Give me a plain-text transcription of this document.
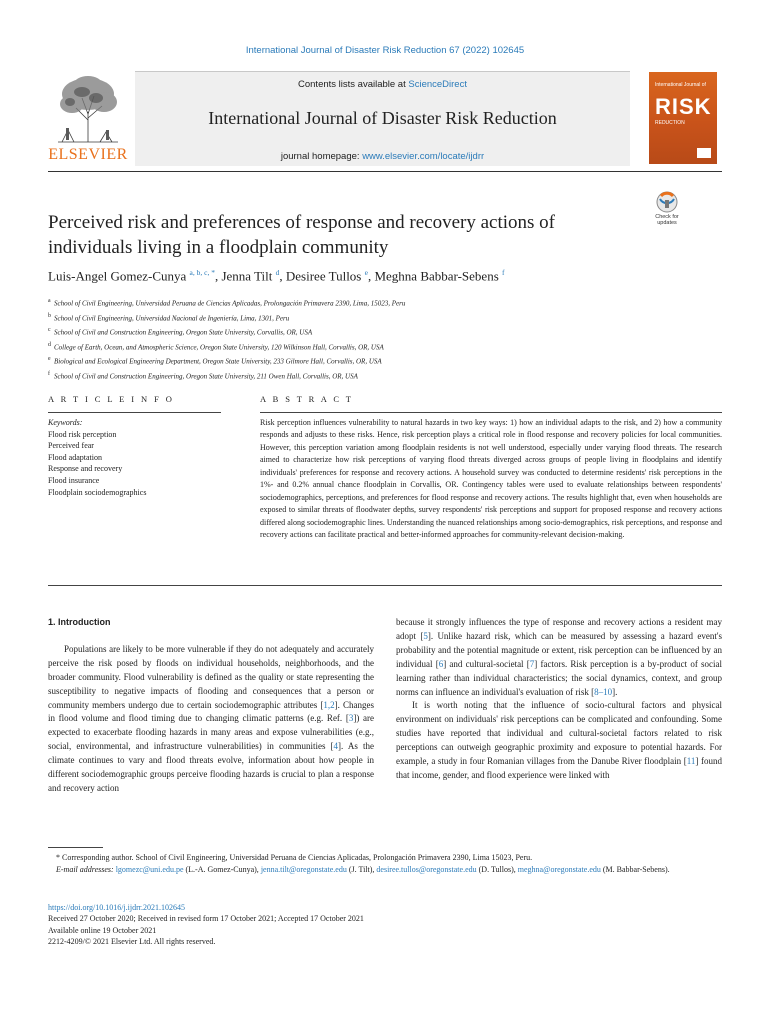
International Journal of Disaster Risk Reduction 67 (2022) 102645
Contents lists available at ScienceDirect
International Journal of Disaster Risk Reduction
journal homepage: www.elsevier.com/locate/ijdrr
ELSEVIER
International Journal of
RISK
REDUCTION
Check for
updates
Perceived risk and preferences of response and recovery actions of individuals living in a floodplain community
Luis-Angel Gomez-Cunya $^{a, b, c, *}$, Jenna Tilt $^d$, Desiree Tullos $^e$, Meghna Babbar-Sebens $^f$
$^a$ School of Civil Engineering, Universidad Peruana de Ciencias Aplicadas, Prolongación Primavera 2390, Lima, 15023, Peru
$^b$ School of Civil Engineering, Universidad Nacional de Ingeniería, Lima, 1301, Peru
$^c$ School of Civil and Construction Engineering, Oregon State University, Corvallis, OR, USA
$^d$ College of Earth, Ocean, and Atmospheric Science, Oregon State University, 120 Wilkinson Hall, Corvallis, OR, USA
$^e$ Biological and Ecological Engineering Department, Oregon State University, 233 Gilmore Hall, Corvallis, OR, USA
$^f$ School of Civil and Construction Engineering, Oregon State University, 211 Owen Hall, Corvallis, OR, USA
A R T I C L E I N F O	A B S T R A C T
Keywords:
Flood risk perception
Perceived fear
Flood adaptation
Response and recovery
Flood insurance
Floodplain sociodemographics
Risk perception influences vulnerability to natural hazards in two key ways: 1) how an individual adapts to the risk, and 2) how a community responds and adjusts to these risks. Hence, risk perception plays a critical role in flood response and recovery policies for local communities. However, this perception variation among floodplain residents is not well understood, especially under varying flood threats. The research aimed to characterize how risk perceptions of varying flood threats diverged across groups of people living in floodplains and identify individuals' preferences for response and recovery actions. A household survey was conducted to determine residents' risk perceptions in the 1%- and 0.2% annual chance floodplain in Corvallis, OR. Contingency tables were used to evaluate relationships between respondents' sociodemographics, perceptions, and preferences for flood response and recovery actions. The results highlight that, even when households are exposed to similar threats of floodwater depths, survey respondents' risk perceptions and support for proposed response and recovery actions differed along sociodemographic lines. Understanding the nuanced relationships among socio-demographics, risk perceptions, and response and recovery actions can facilitate practical and better-informed approaches for community-relevant decision-making.
1. Introduction

Populations are likely to be more vulnerable if they do not adequately and accurately perceive the risk posed by floods on individual households, neighborhoods, and the broader community. Flood vulnerability is defined as the quality or state representing the susceptibility to negative impacts of flooding and consequences that a person or community members undergo due to certain sociodemographic attributes [1,2]. Changes in flood volume and flood timing due to changing climatic patterns (e.g. Ref. [3]) are expected to exacerbate flooding hazards in many areas and expose vulnerabilities (e.g., social, environmental, and infrastructure vulnerabilities) in communities [4]. As the climate continues to vary and flood threats evolve, information about how people in different sociodemographic groups perceive flooding hazards is crucial to plan a response and recovery action

because it strongly influences the type of response and recovery actions a resident may adopt [5]. Unlike hazard risk, which can be measured by assessing a hazard event's probability and the potential magnitude or extent, risk perception can be influenced by an individual [6] and cultural-societal [7] factors. Risk perception is a by-product of social learning rather than individual characteristics; the social dynamics, context, and group norms can influence an individual's evaluation of risk [8–10].

It is worth noting that the influence of socio-cultural factors and physical environment on individuals' risk perceptions can be complicated and confounding. Some studies have reported that individual and cultural-societal factors related to risk perceptions can outweigh geographic proximity and exposure to potential hazards. For example, a study in four Romanian villages from the Danube River floodplain [11] found that income, gender, and flood experience were linked with

* Corresponding author. School of Civil Engineering, Universidad Peruana de Ciencias Aplicadas, Prolongación Primavera 2390, Lima 15023, Peru.
E-mail addresses: lgomezc@uni.edu.pe (L.-A. Gomez-Cunya), jenna.tilt@oregonstate.edu (J. Tilt), desiree.tullos@oregonstate.edu (D. Tullos), meghna@oregonstate.edu (M. Babbar-Sebens).
https://doi.org/10.1016/j.ijdrr.2021.102645
Received 27 October 2020; Received in revised form 17 October 2021; Accepted 17 October 2021
Available online 19 October 2021
2212-4209/© 2021 Elsevier Ltd. All rights reserved.
